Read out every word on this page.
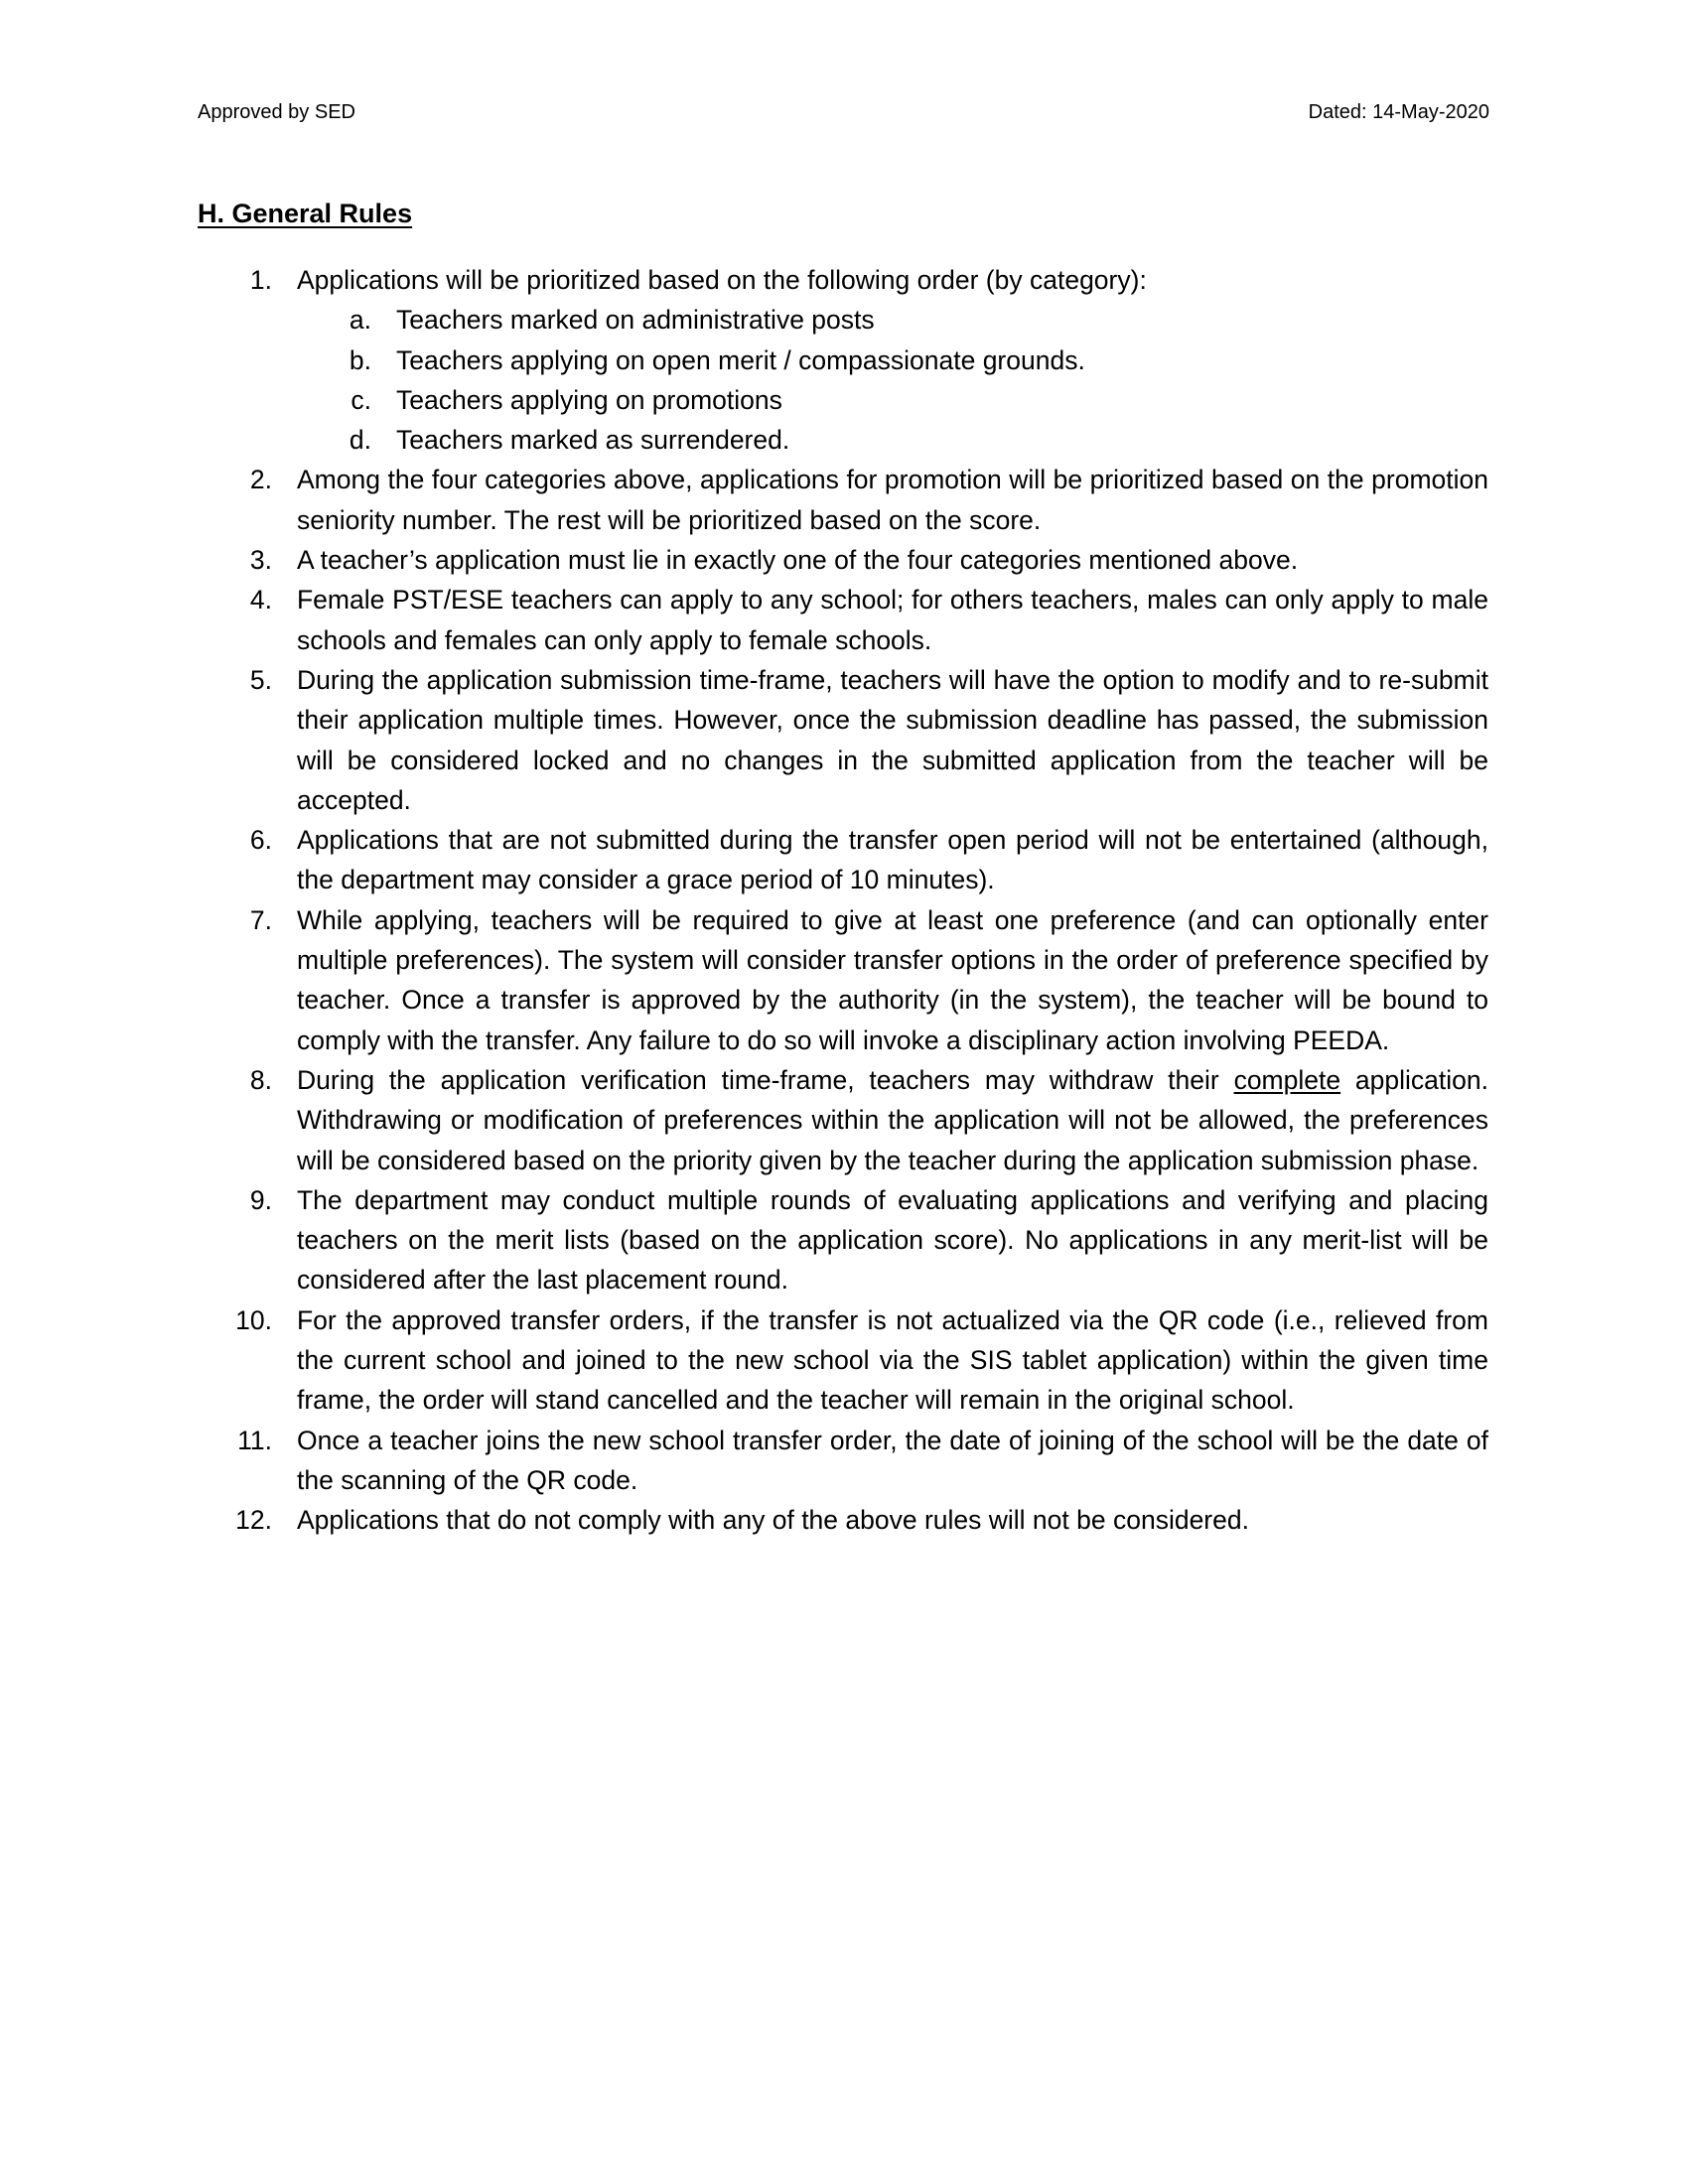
Approved by SED	Dated: 14-May-2020
H. General Rules
1. Applications will be prioritized based on the following order (by category):
a. Teachers marked on administrative posts
b. Teachers applying on open merit / compassionate grounds.
c. Teachers applying on promotions
d. Teachers marked as surrendered.
2. Among the four categories above, applications for promotion will be prioritized based on the promotion seniority number. The rest will be prioritized based on the score.
3. A teacher’s application must lie in exactly one of the four categories mentioned above.
4. Female PST/ESE teachers can apply to any school; for others teachers, males can only apply to male schools and females can only apply to female schools.
5. During the application submission time-frame, teachers will have the option to modify and to re-submit their application multiple times. However, once the submission deadline has passed, the submission will be considered locked and no changes in the submitted application from the teacher will be accepted.
6. Applications that are not submitted during the transfer open period will not be entertained (although, the department may consider a grace period of 10 minutes).
7. While applying, teachers will be required to give at least one preference (and can optionally enter multiple preferences). The system will consider transfer options in the order of preference specified by teacher. Once a transfer is approved by the authority (in the system), the teacher will be bound to comply with the transfer. Any failure to do so will invoke a disciplinary action involving PEEDA.
8. During the application verification time-frame, teachers may withdraw their complete application. Withdrawing or modification of preferences within the application will not be allowed, the preferences will be considered based on the priority given by the teacher during the application submission phase.
9. The department may conduct multiple rounds of evaluating applications and verifying and placing teachers on the merit lists (based on the application score). No applications in any merit-list will be considered after the last placement round.
10. For the approved transfer orders, if the transfer is not actualized via the QR code (i.e., relieved from the current school and joined to the new school via the SIS tablet application) within the given time frame, the order will stand cancelled and the teacher will remain in the original school.
11. Once a teacher joins the new school transfer order, the date of joining of the school will be the date of the scanning of the QR code.
12. Applications that do not comply with any of the above rules will not be considered.
